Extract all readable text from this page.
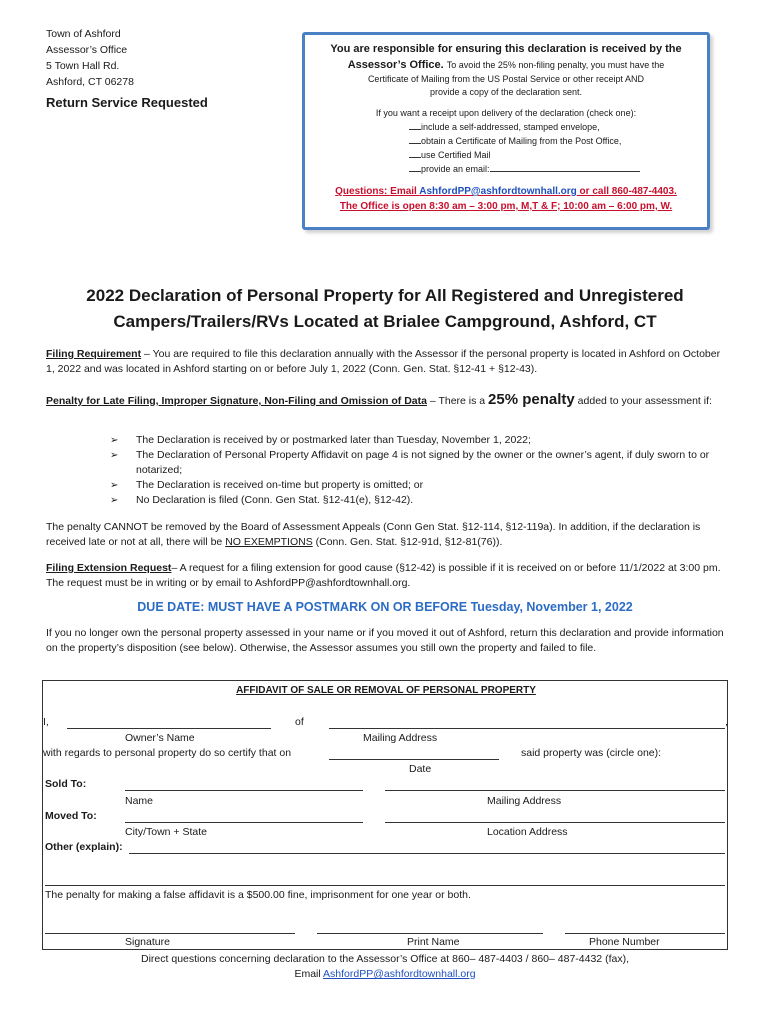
Town of Ashford
Assessor’s Office
5 Town Hall Rd.
Ashford, CT 06278
Return Service Requested
You are responsible for ensuring this declaration is received by the Assessor’s Office. To avoid the 25% non-filing penalty, you must have the
Certificate of Mailing from the US Postal Service or other receipt AND
provide a copy of the declaration sent.
If you want a receipt upon delivery of the declaration (check one):
include a self-addressed, stamped envelope,
obtain a Certificate of Mailing from the Post Office,
use Certified Mail
provide an email:
Questions: Email AshfordPP@ashfordtownhall.org or call 860-487-4403.
The Office is open 8:30 am – 3:00 pm, M,T & F; 10:00 am – 6:00 pm, W.
2022 Declaration of Personal Property for All Registered and Unregistered
Campers/Trailers/RVs Located at Brialee Campground, Ashford, CT
Filing Requirement – You are required to file this declaration annually with the Assessor if the personal property is located in Ashford on October 1, 2022 and was located in Ashford starting on or before July 1, 2022 (Conn. Gen. Stat. §12-41 + §12-43).
Penalty for Late Filing, Improper Signature, Non-Filing and Omission of Data – There is a 25% penalty added to your assessment if:
➢ The Declaration is received by or postmarked later than Tuesday, November 1, 2022;
➢ The Declaration of Personal Property Affidavit on page 4 is not signed by the owner or the owner’s agent, if duly sworn to or notarized;
➢ The Declaration is received on-time but property is omitted; or
➢ No Declaration is filed (Conn. Gen Stat. §12-41(e), §12-42).
The penalty CANNOT be removed by the Board of Assessment Appeals (Conn Gen Stat. §12-114, §12-119a). In addition, if the declaration is received late or not at all, there will be NO EXEMPTIONS (Conn. Gen. Stat. §12-91d, §12-81(76)).
Filing Extension Request– A request for a filing extension for good cause (§12-42) is possible if it is received on or before 11/1/2022 at 3:00 pm. The request must be in writing or by email to AshfordPP@ashfordtownhall.org.
DUE DATE: MUST HAVE A POSTMARK ON OR BEFORE Tuesday, November 1, 2022
If you no longer own the personal property assessed in your name or if you moved it out of Ashford, return this declaration and provide information on the property’s disposition (see below). Otherwise, the Assessor assumes you still own the property and failed to file.
AFFIDAVIT OF SALE OR REMOVAL OF PERSONAL PROPERTY
I,	of	,
Owner’s Name	Mailing Address
with regards to personal property do so certify that on	said property was (circle one):
Date
Sold To:
Name	Mailing Address
Moved To:
City/Town + State	Location Address
Other (explain):
The penalty for making a false affidavit is a $500.00 fine, imprisonment for one year or both.
Signature	Print Name	Phone Number
Direct questions concerning declaration to the Assessor’s Office at 860– 487-4403 / 860– 487-4432 (fax),
Email AshfordPP@ashfordtownhall.org
